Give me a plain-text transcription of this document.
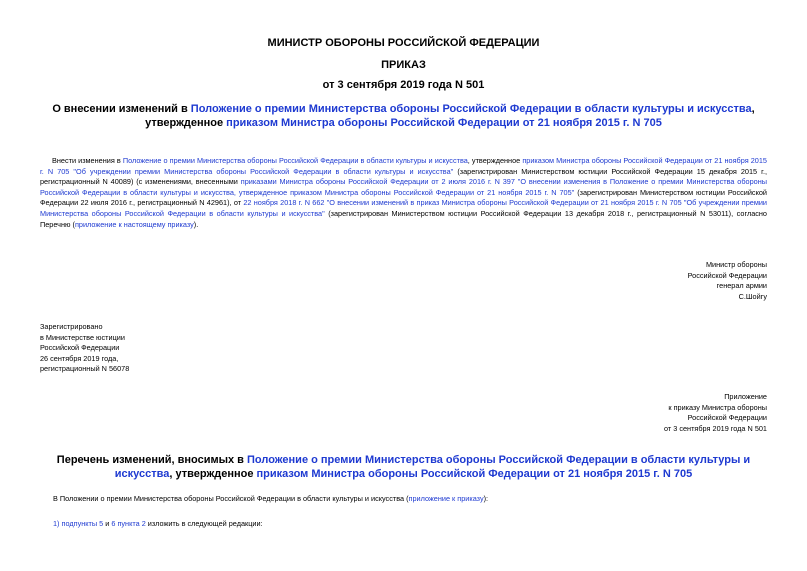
МИНИСТР ОБОРОНЫ РОССИЙСКОЙ ФЕДЕРАЦИИ
ПРИКАЗ
от 3 сентября 2019 года N 501
О внесении изменений в Положение о премии Министерства обороны Российской Федерации в области культуры и искусства, утвержденное приказом Министра обороны Российской Федерации от 21 ноября 2015 г. N 705
Внести изменения в Положение о премии Министерства обороны Российской Федерации в области культуры и искусства, утвержденное приказом Министра обороны Российской Федерации от 21 ноября 2015 г. N 705 "Об учреждении премии Министерства обороны Российской Федерации в области культуры и искусства" (зарегистрирован Министерством юстиции Российской Федерации 15 декабря 2015 г., регистрационный N 40089) (с изменениями, внесенными приказами Министра обороны Российской Федерации от 2 июля 2016 г. N 397 "О внесении изменения в Положение о премии Министерства обороны Российской Федерации в области культуры и искусства, утвержденное приказом Министра обороны Российской Федерации от 21 ноября 2015 г. N 705" (зарегистрирован Министерством юстиции Российской Федерации 22 июля 2016 г., регистрационный N 42961), от 22 ноября 2018 г. N 662 "О внесении изменений в приказ Министра обороны Российской Федерации от 21 ноября 2015 г. N 705 "Об учреждении премии Министерства обороны Российской Федерации в области культуры и искусства" (зарегистрирован Министерством юстиции Российской Федерации 13 декабря 2018 г., регистрационный N 53011), согласно Перечню (приложение к настоящему приказу).
Министр обороны
Российской Федерации
генерал армии
С.Шойгу
Зарегистрировано
в Министерстве юстиции
Российской Федерации
26 сентября 2019 года,
регистрационный N 56078
Приложение
к приказу Министра обороны
Российской Федерации
от 3 сентября 2019 года N 501
Перечень изменений, вносимых в Положение о премии Министерства обороны Российской Федерации в области культуры и искусства, утвержденное приказом Министра обороны Российской Федерации от 21 ноября 2015 г. N 705
В Положении о премии Министерства обороны Российской Федерации в области культуры и искусства (приложение к приказу):
1) подпункты 5 и 6 пункта 2 изложить в следующей редакции:
